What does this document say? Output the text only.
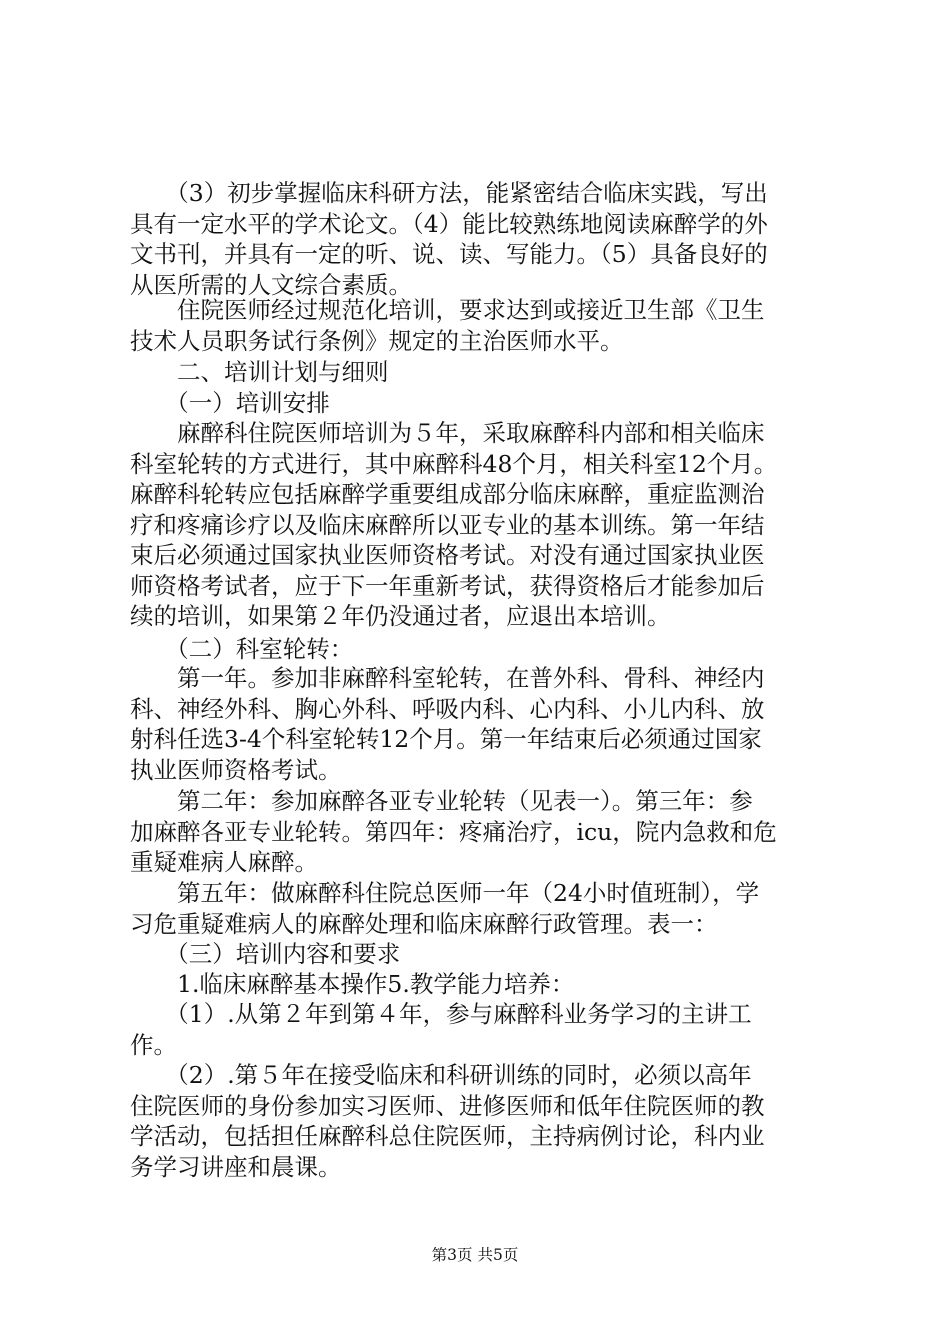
　　（3）初步掌握临床科研方法，能紧密结合临床实践，写出
具有一定水平的学术论文。（4）能比较熟练地阅读麻醉学的外
文书刊，并具有一定的听、说、读、写能力。（5）具备良好的
从医所需的人文综合素质。
　　住院医师经过规范化培训，要求达到或接近卫生部《卫生
技术人员职务试行条例》规定的主治医师水平。
　　二、培训计划与细则
　　（一）培训安排
　　麻醉科住院医师培训为５年，采取麻醉科内部和相关临床
科室轮转的方式进行，其中麻醉科48个月，相关科室12个月。
麻醉科轮转应包括麻醉学重要组成部分临床麻醉，重症监测治
疗和疼痛诊疗以及临床麻醉所以亚专业的基本训练。第一年结
束后必须通过国家执业医师资格考试。对没有通过国家执业医
师资格考试者，应于下一年重新考试，获得资格后才能参加后
续的培训，如果第２年仍没通过者，应退出本培训。
　　（二）科室轮转：
　　第一年。参加非麻醉科室轮转，在普外科、骨科、神经内
科、神经外科、胸心外科、呼吸内科、心内科、小儿内科、放
射科任选3-4个科室轮转12个月。第一年结束后必须通过国家
执业医师资格考试。
　　第二年：参加麻醉各亚专业轮转（见表一）。第三年：参
加麻醉各亚专业轮转。第四年：疼痛治疗，icu，院内急救和危
重疑难病人麻醉。
　　第五年：做麻醉科住院总医师一年（24小时值班制），学
习危重疑难病人的麻醉处理和临床麻醉行政管理。表一：
　　（三）培训内容和要求
　　1.临床麻醉基本操作5.教学能力培养：
　　（1）.从第２年到第４年，参与麻醉科业务学习的主讲工
作。
　　（2）.第５年在接受临床和科研训练的同时，必须以高年
住院医师的身份参加实习医师、进修医师和低年住院医师的教
学活动，包括担任麻醉科总住院医师，主持病例讨论，科内业
务学习讲座和晨课。
第3页 共5页
